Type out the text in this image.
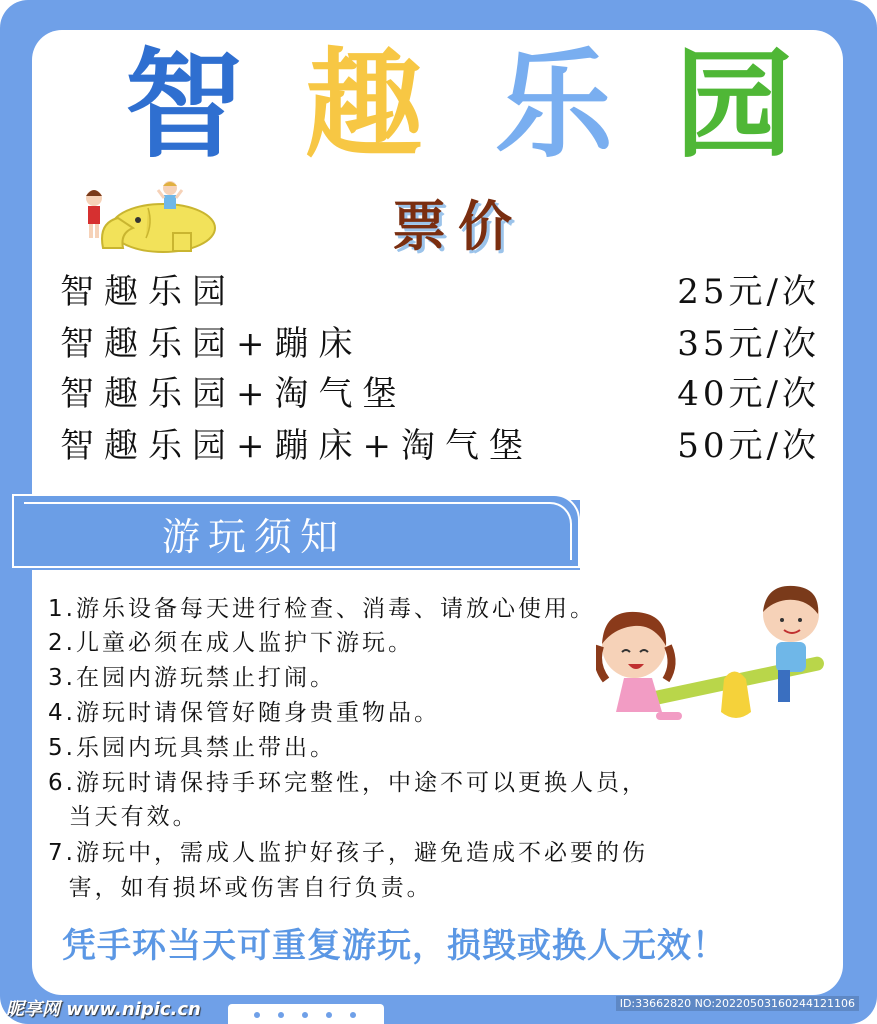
智 趣 乐 园
票价
智趣乐园	25元/次
智趣乐园+蹦床	35元/次
智趣乐园+淘气堡	40元/次
智趣乐园+蹦床+淘气堡	50元/次
游玩须知
1.游乐设备每天进行检查、消毒、请放心使用。
2.儿童必须在成人监护下游玩。
3.在园内游玩禁止打闹。
4.游玩时请保管好随身贵重物品。
5.乐园内玩具禁止带出。
6.游玩时请保持手环完整性，中途不可以更换人员，
当天有效。
7.游玩中，需成人监护好孩子，避免造成不必要的伤
害，如有损坏或伤害自行负责。
凭手环当天可重复游玩，损毁或换人无效！
昵享网 www.nipic.cn	ID:33662820 NO:20220503160244121106
